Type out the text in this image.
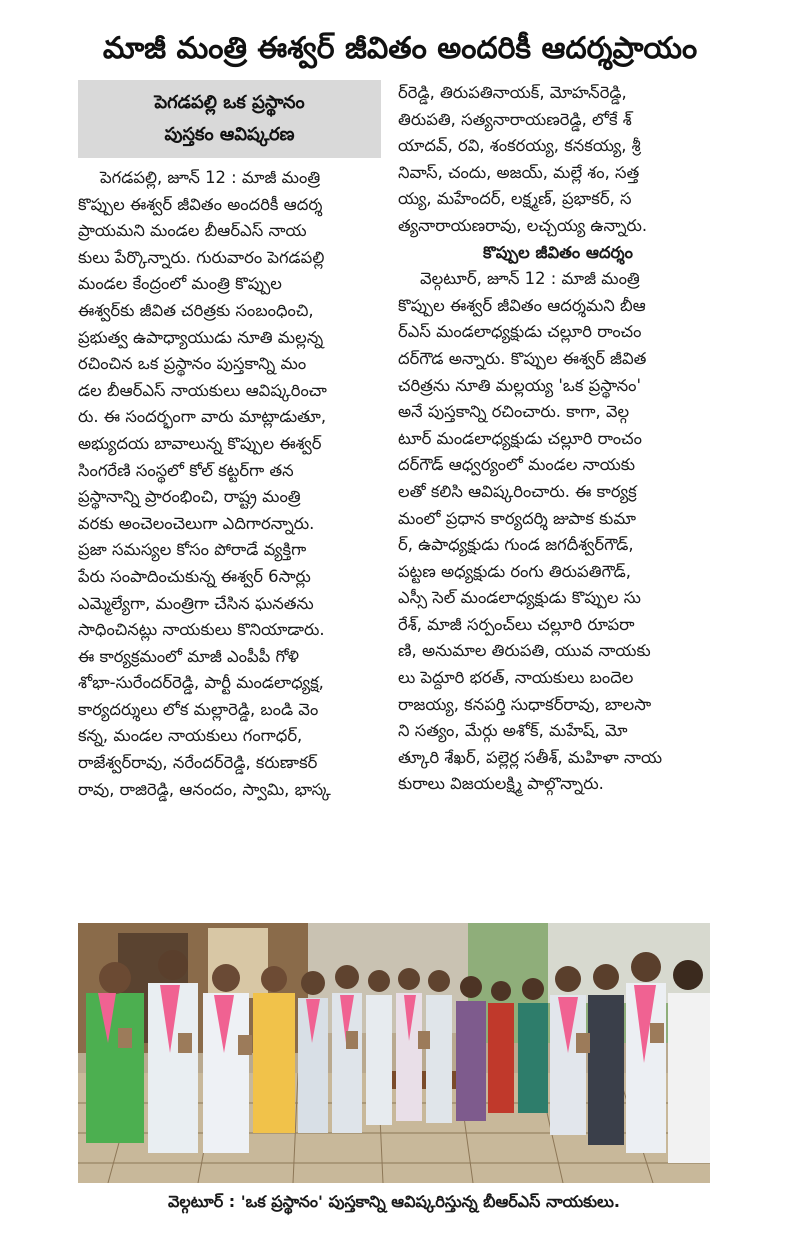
మాజీ మంత్రి ఈశ్వర్ జీవితం అందరికీ ఆదర్శప్రాయం
పెగడపల్లి ఒక ప్రస్థానం
పుస్తకం ఆవిష్కరణ
పెగడపల్లి, జూన్ 12 : మాజీ మంత్రి
కొప్పుల ఈశ్వర్ జీవితం అందరికీ ఆదర్శ
ప్రాయమని మండల బీఆర్ఎస్ నాయ
కులు పేర్కొన్నారు. గురువారం పెగడపల్లి
మండల కేంద్రంలో మంత్రి కొప్పుల
ఈశ్వర్‌కు జీవిత చరిత్రకు సంబంధించి,
ప్రభుత్వ ఉపాధ్యాయుడు నూతి మల్లన్న
రచించిన ఒక ప్రస్థానం పుస్తకాన్ని మం
డల బీఆర్ఎస్ నాయకులు ఆవిష్కరించా
రు. ఈ సందర్భంగా వారు మాట్లాడుతూ,
అభ్యుదయ బావాలున్న కొప్పుల ఈశ్వర్
సింగరేణి సంస్థలో కోల్ కట్టర్‌గా తన
ప్రస్థానాన్ని ప్రారంభించి, రాష్ట్ర మంత్రి
వరకు అంచెలంచెలుగా ఎదిగారన్నారు.
ప్రజా సమస్యల కోసం పోరాడే వ్యక్తిగా
పేరు సంపాదించుకున్న ఈశ్వర్ 6సార్లు
ఎమ్మెల్యేగా, మంత్రిగా చేసిన ఘనతను
సాధించినట్లు నాయకులు కొనియాడారు.
ఈ కార్యక్రమంలో మాజీ ఎంపీపీ గోళి
శోభా-సురేందర్‌రెడ్డి, పార్టీ మండలాధ్యక్ష,
కార్యదర్శులు లోక మల్లారెడ్డి, బండి వెం
కన్న, మండల నాయకులు గంగాధర్,
రాజేశ్వర్‌రావు, నరేందర్‌రెడ్డి, కరుణాకర్
రావు, రాజిరెడ్డి, ఆనందం, స్వామి, భాస్క
ర్‌రెడ్డి, తిరుపతినాయక్, మోహన్‌రెడ్డి,
తిరుపతి, సత్యనారాయణరెడ్డి, లోకే శ్
యాదవ్, రవి, శంకరయ్య, కనకయ్య, శ్రీ
నివాస్, చందు, అజయ్, మల్లే శం, సత్త
య్య, మహేందర్, లక్ష్మణ్, ప్రభాకర్, స
త్యనారాయణరావు, లచ్చయ్య ఉన్నారు.
కొప్పుల జీవితం ఆదర్శం
వెల్గటూర్, జూన్ 12 : మాజీ మంత్రి
కొప్పుల ఈశ్వర్ జీవితం ఆదర్శమని బీఆ
ర్ఎస్ మండలాధ్యక్షుడు చల్లూరి రాంచం
దర్‌గౌడ అన్నారు. కొప్పుల ఈశ్వర్ జీవిత
చరిత్రను నూతి మల్లయ్య 'ఒక ప్రస్థానం'
అనే పుస్తకాన్ని రచించారు. కాగా, వెల్గ
టూర్ మండలాధ్యక్షుడు చల్లూరి రాంచం
దర్‌గౌడ్ ఆధ్వర్యంలో మండల నాయకు
లతో కలిసి ఆవిష్కరించారు. ఈ కార్యక్ర
మంలో ప్రధాన కార్యదర్శి జుపాక కుమా
ర్, ఉపాధ్యక్షుడు గుండ జగదీశ్వర్‌గౌడ్,
పట్టణ అధ్యక్షుడు రంగు తిరుపతిగౌడ్,
ఎస్సీ సెల్ మండలాధ్యక్షుడు కొప్పుల సు
రేశ్, మాజీ సర్పంచ్‌లు చల్లూరి రూపరా
ణి, అనుమాల తిరుపతి, యువ నాయకు
లు పెద్దూరి భరత్, నాయకులు బందెల
రాజయ్య, కనపర్తి సుధాకర్‌రావు, బాలసా
ని సత్యం, మేర్గు అశోక్, మహేష్, మో
త్కూరి శేఖర్, పల్లెర్ల సతీశ్, మహిళా నాయ
కురాలు విజయలక్ష్మి పాల్గొన్నారు.
వెల్గటూర్ : 'ఒక ప్రస్థానం' పుస్తకాన్ని ఆవిష్కరిస్తున్న బీఆర్ఎస్ నాయకులు.
